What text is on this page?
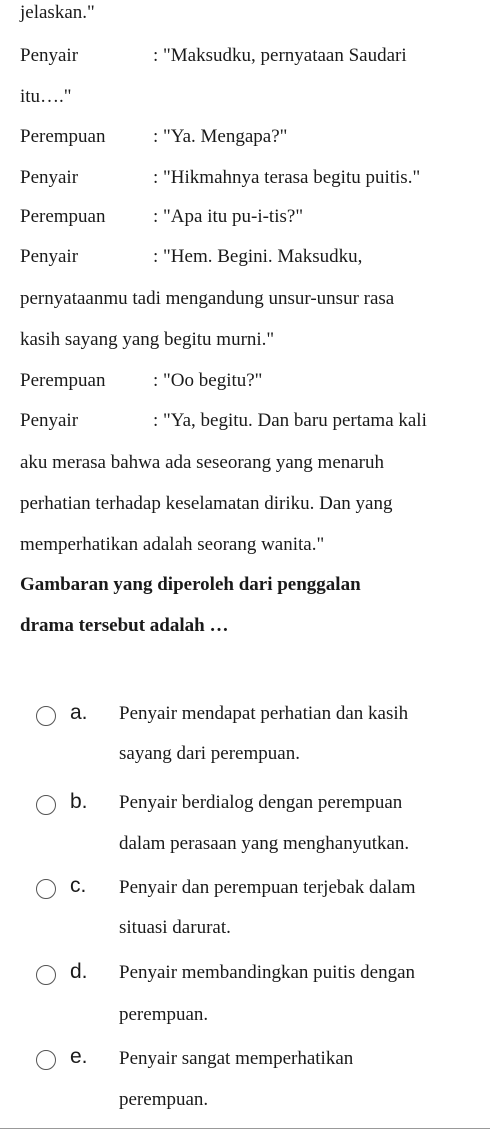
jelaskan."
Penyair	: "Maksudku, pernyataan Saudari
itu…."
Perempuan	: "Ya. Mengapa?"
Penyair	: "Hikmahnya terasa begitu puitis."
Perempuan	: "Apa itu pu-i-tis?"
Penyair	: "Hem. Begini. Maksudku,
pernyataanmu tadi mengandung unsur-unsur rasa
kasih sayang yang begitu murni."
Perempuan	: "Oo begitu?"
Penyair	: "Ya, begitu. Dan baru pertama kali
aku merasa bahwa ada seseorang yang menaruh
perhatian terhadap keselamatan diriku. Dan yang
memperhatikan adalah seorang wanita."
Gambaran yang diperoleh dari penggalan
drama tersebut adalah …
a. Penyair mendapat perhatian dan kasih
sayang dari perempuan.
b. Penyair berdialog dengan perempuan
dalam perasaan yang menghanyutkan.
c. Penyair dan perempuan terjebak dalam
situasi darurat.
d. Penyair membandingkan puitis dengan
perempuan.
e. Penyair sangat memperhatikan
perempuan.
